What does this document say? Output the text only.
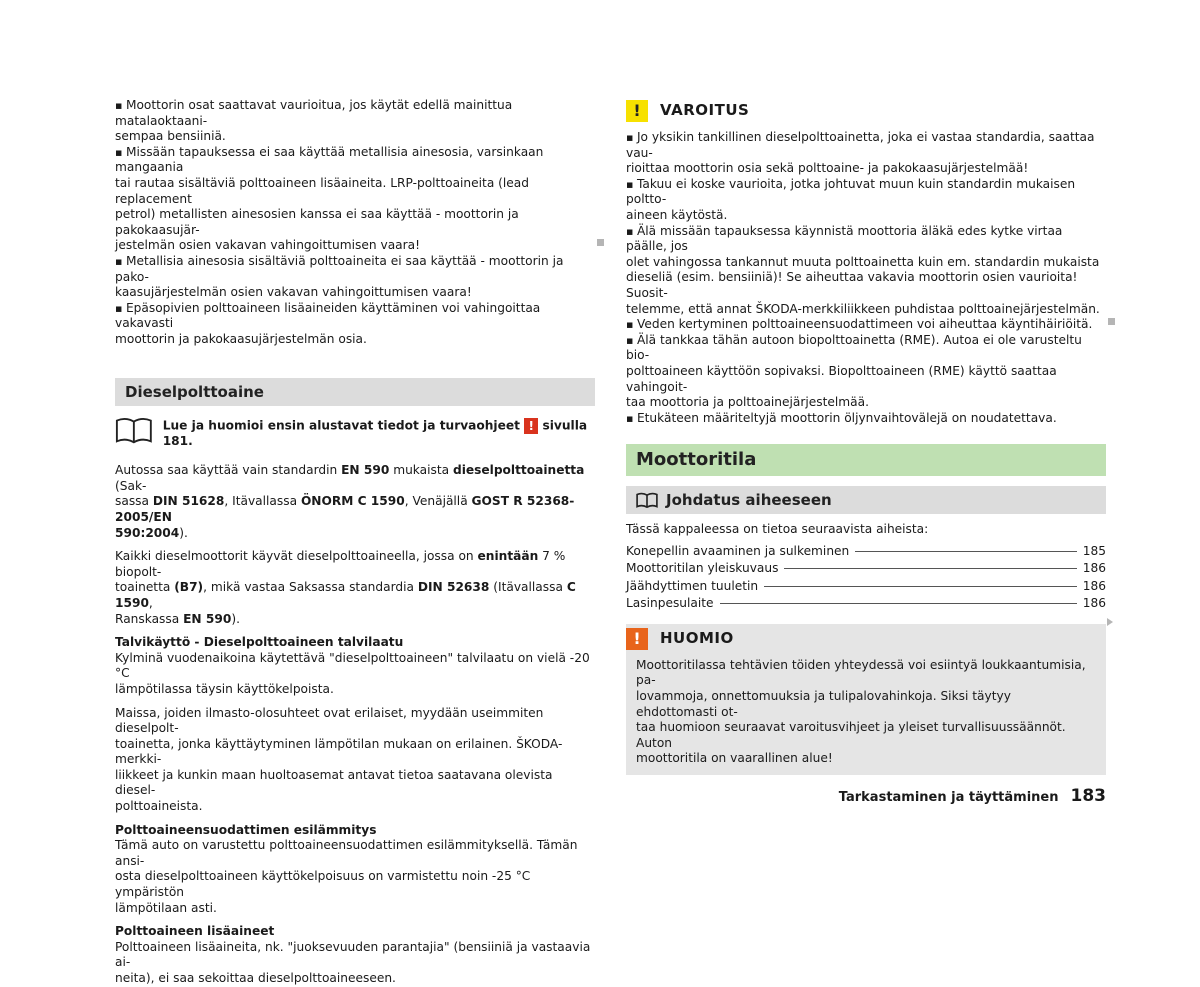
▪ Moottorin osat saattavat vaurioitua, jos käytät edellä mainittua matalaoktaani-

sempaa bensiiniä.

▪ Missään tapauksessa ei saa käyttää metallisia ainesosia, varsinkaan mangaania

tai rautaa sisältäviä polttoaineen lisäaineita. LRP-polttoaineita (lead replacement

petrol) metallisten ainesosien kanssa ei saa käyttää - moottorin ja pakokaasujär-

jestelmän osien vakavan vahingoittumisen vaara!

▪ Metallisia ainesosia sisältäviä polttoaineita ei saa käyttää - moottorin ja pako-

kaasujärjestelmän osien vakavan vahingoittumisen vaara!

▪ Epäsopivien polttoaineen lisäaineiden käyttäminen voi vahingoittaa vakavasti

moottorin ja pakokaasujärjestelmän osia.

Dieselpolttoaine
Lue ja huomioi ensin alustavat tiedot ja turvaohjeet ! sivulla 181.

Autossa saa käyttää vain standardin EN 590 mukaista dieselpolttoainetta (Sak-

sassa DIN 51628, Itävallassa ÖNORM C 1590, Venäjällä GOST R 52368-2005/EN

590:2004).

Kaikki dieselmoottorit käyvät dieselpolttoaineella, jossa on enintään 7 % biopolt-

toainetta (B7), mikä vastaa Saksassa standardia DIN 52638 (Itävallassa C 1590,

Ranskassa EN 590).

Talvikäyttö - Dieselpolttoaineen talvilaatu

Kylminä vuodenaikoina käytettävä "dieselpolttoaineen" talvilaatu on vielä -20 °C

lämpötilassa täysin käyttökelpoista.

Maissa, joiden ilmasto-olosuhteet ovat erilaiset, myydään useimmiten dieselpolt-

toainetta, jonka käyttäytyminen lämpötilan mukaan on erilainen. ŠKODA-merkki-

liikkeet ja kunkin maan huoltoasemat antavat tietoa saatavana olevista diesel-

polttoaineista.

Polttoaineensuodattimen esilämmitys

Tämä auto on varustettu polttoaineensuodattimen esilämmityksellä. Tämän ansi-

osta dieselpolttoaineen käyttökelpoisuus on varmistettu noin -25 °C ympäristön

lämpötilaan asti.

Polttoaineen lisäaineet

Polttoaineen lisäaineita, nk. "juoksevuuden parantajia" (bensiiniä ja vastaavia ai-

neita), ei saa sekoittaa dieselpolttoaineeseen.

!	VAROITUS

▪ Jo yksikin tankillinen dieselpolttoainetta, joka ei vastaa standardia, saattaa vau-

rioittaa moottorin osia sekä polttoaine- ja pakokaasujärjestelmää!

▪ Takuu ei koske vaurioita, jotka johtuvat muun kuin standardin mukaisen poltto-

aineen käytöstä.

▪ Älä missään tapauksessa käynnistä moottoria äläkä edes kytke virtaa päälle, jos

olet vahingossa tankannut muuta polttoainetta kuin em. standardin mukaista

dieseliä (esim. bensiiniä)! Se aiheuttaa vakavia moottorin osien vaurioita! Suosit-

telemme, että annat ŠKODA-merkkiliikkeen puhdistaa polttoainejärjestelmän.

▪ Veden kertyminen polttoaineensuodattimeen voi aiheuttaa käyntihäiriöitä.

▪ Älä tankkaa tähän autoon biopolttoainetta (RME). Autoa ei ole varusteltu bio-

polttoaineen käyttöön sopivaksi. Biopolttoaineen (RME) käyttö saattaa vahingoit-

taa moottoria ja polttoainejärjestelmää.

▪ Etukäteen määriteltyjä moottorin öljynvaihtovälejä on noudatettava.

Moottoritila
Johdatus aiheeseen

Tässä kappaleessa on tietoa seuraavista aiheista:

Konepellin avaaminen ja sulkeminen	185
Moottoritilan yleiskuvaus	186
Jäähdyttimen tuuletin	186
Lasinpesulaite	186
!	HUOMIO

Moottoritilassa tehtävien töiden yhteydessä voi esiintyä loukkaantumisia, pa-

lovammoja, onnettomuuksia ja tulipalovahinkoja. Siksi täytyy ehdottomasti ot-

taa huomioon seuraavat varoitusvihjeet ja yleiset turvallisuussäännöt. Auton

moottoritila on vaarallinen alue!

Tarkastaminen ja täyttäminen 183
